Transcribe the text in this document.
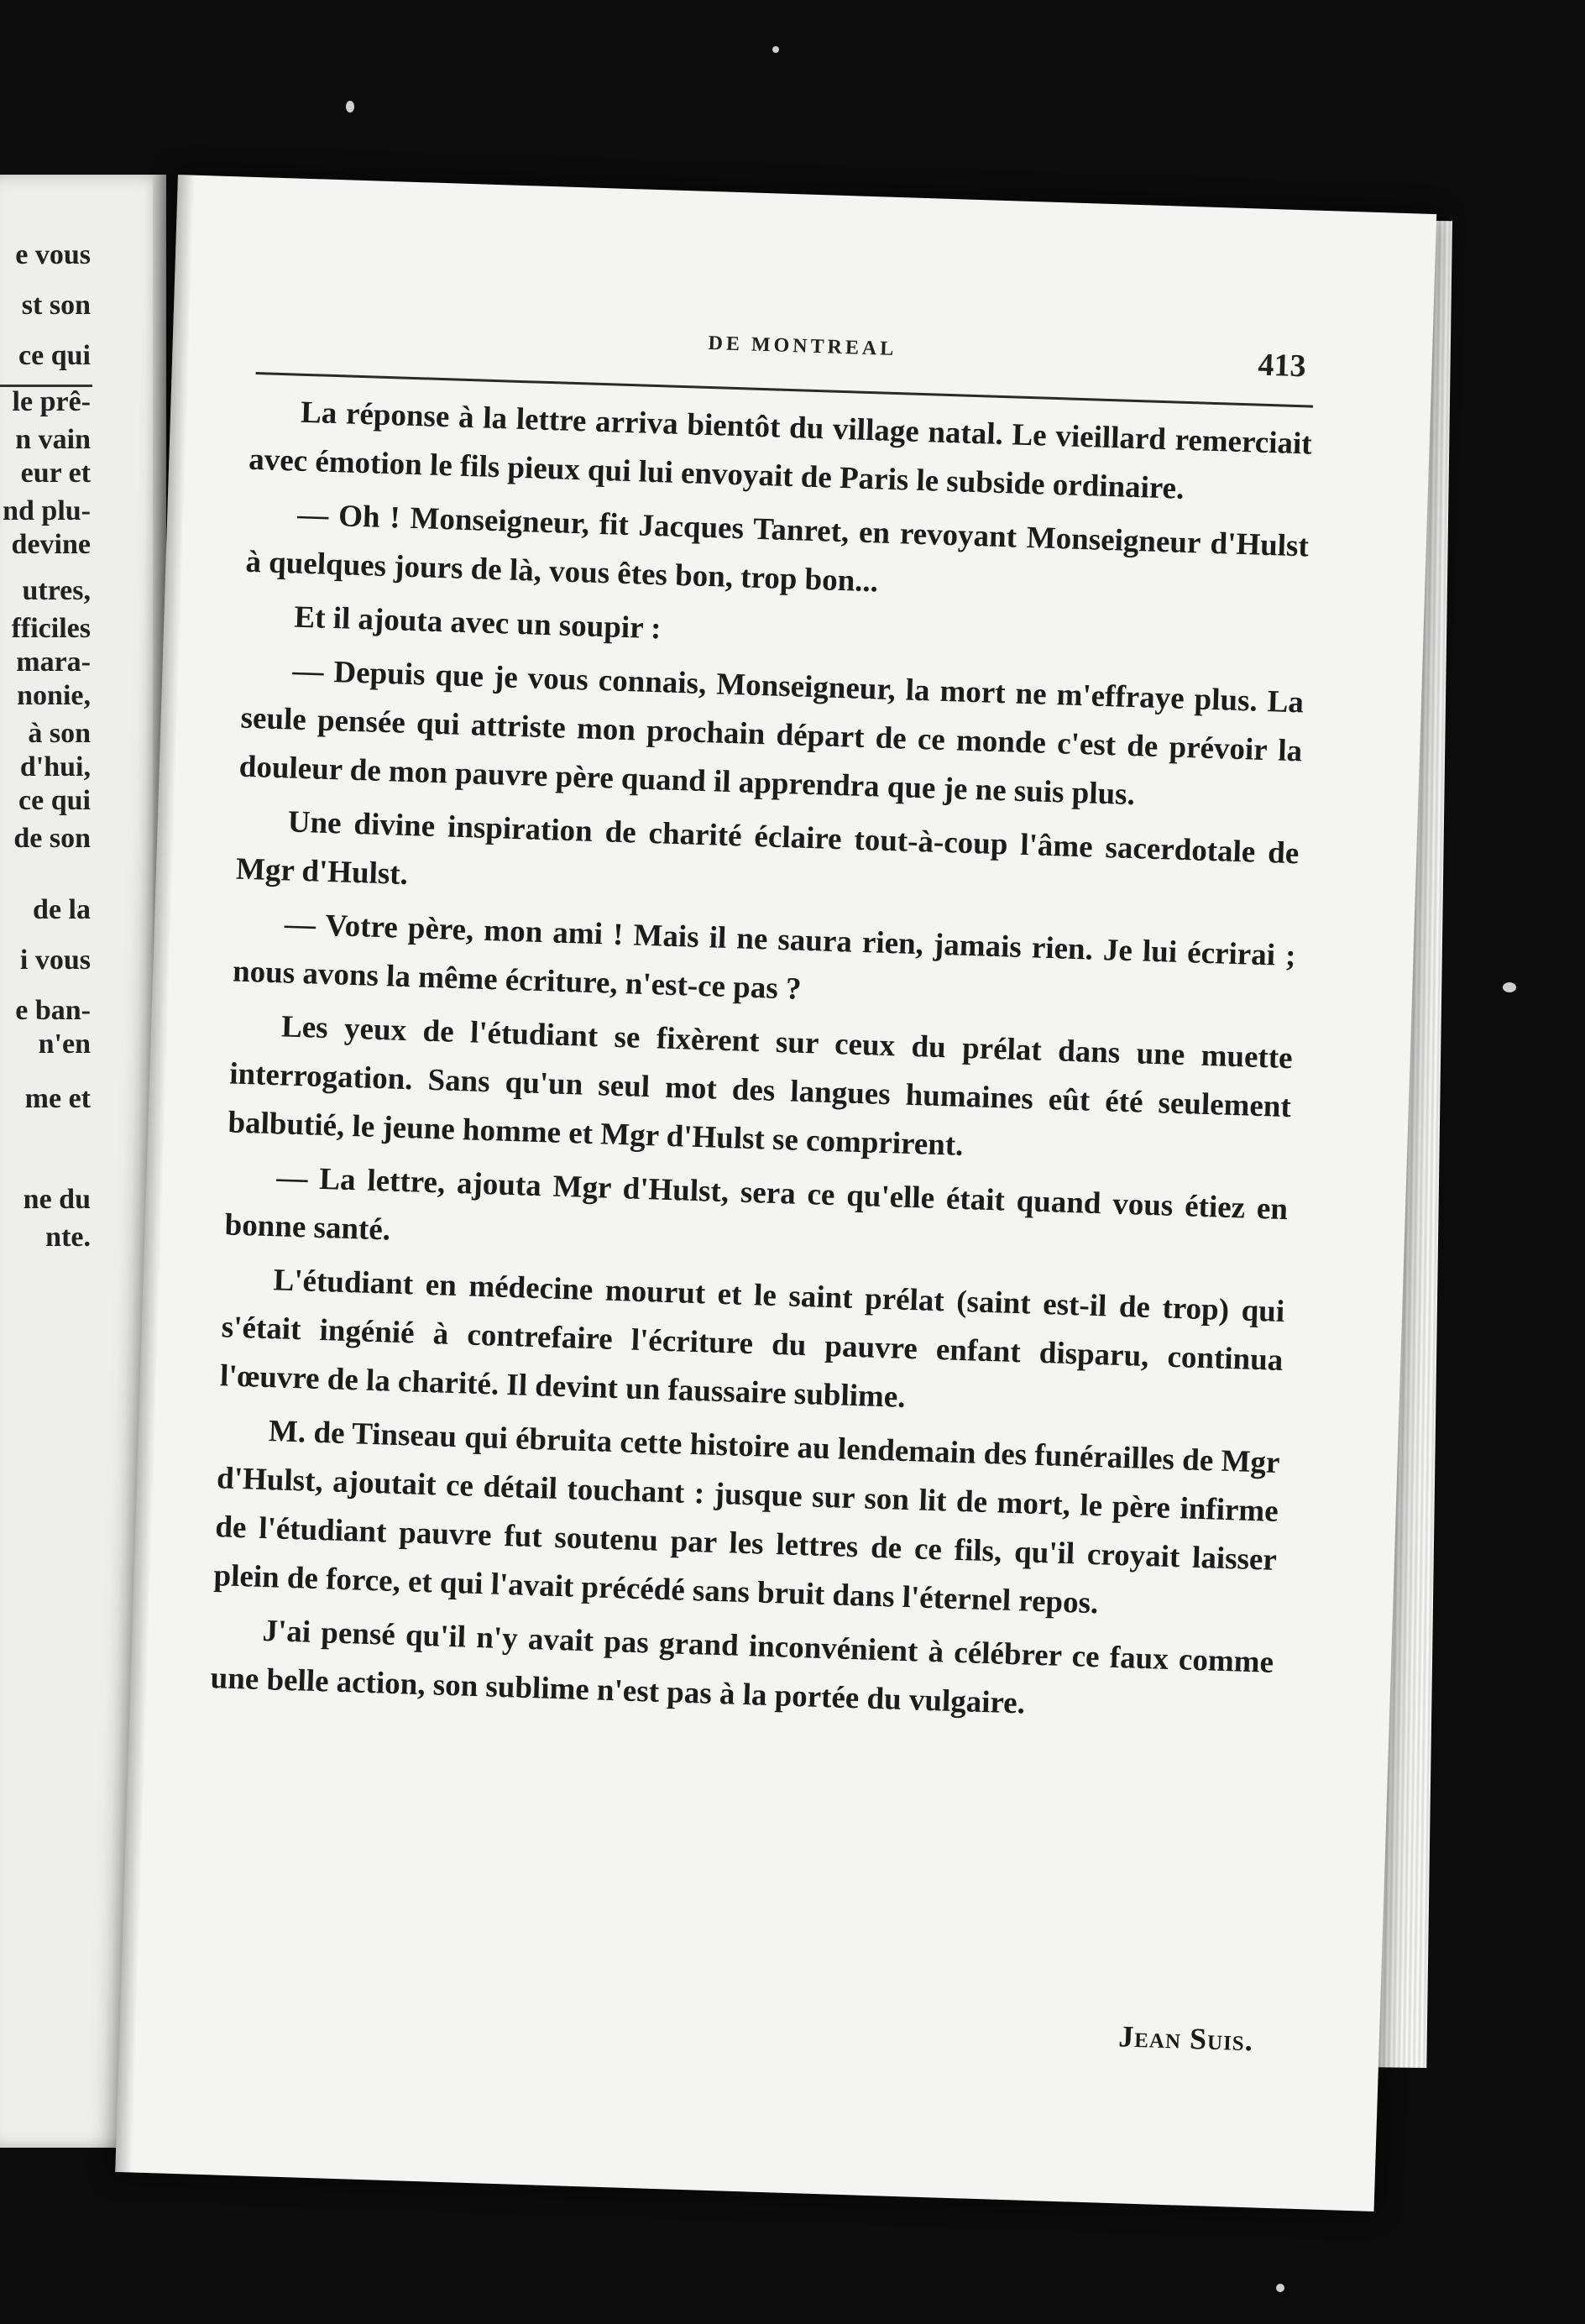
e vous

st son

ce qui

le prê-

n vain

eur et

nd plu-

devine

utres,

fficiles

mara-

nonie,

à son

d'hui,

ce qui

de son

de la

i vous

e ban-

n'en

me et

ne du

nte.

DE MONTREAL
413

La réponse à la lettre arriva bientôt du village natal. Le vieillard remerciait avec émotion le fils pieux qui lui envoyait de Paris le subside ordinaire.

— Oh ! Monseigneur, fit Jacques Tanret, en revoyant Monseigneur d'Hulst à quelques jours de là, vous êtes bon, trop bon...

Et il ajouta avec un soupir :

— Depuis que je vous connais, Monseigneur, la mort ne m'effraye plus. La seule pensée qui attriste mon prochain départ de ce monde c'est de prévoir la douleur de mon pauvre père quand il apprendra que je ne suis plus.

Une divine inspiration de charité éclaire tout-à-coup l'âme sacerdotale de Mgr d'Hulst.

— Votre père, mon ami ! Mais il ne saura rien, jamais rien. Je lui écrirai ; nous avons la même écriture, n'est-ce pas ?

Les yeux de l'étudiant se fixèrent sur ceux du prélat dans une muette interrogation. Sans qu'un seul mot des langues humaines eût été seulement balbutié, le jeune homme et Mgr d'Hulst se comprirent.

— La lettre, ajouta Mgr d'Hulst, sera ce qu'elle était quand vous étiez en bonne santé.

L'étudiant en médecine mourut et le saint prélat (saint est-il de trop) qui s'était ingénié à contrefaire l'écriture du pauvre enfant disparu, continua l'œuvre de la charité. Il devint un faussaire sublime.

M. de Tinseau qui ébruita cette histoire au lendemain des funérailles de Mgr d'Hulst, ajoutait ce détail touchant : jusque sur son lit de mort, le père infirme de l'étudiant pauvre fut soutenu par les lettres de ce fils, qu'il croyait laisser plein de force, et qui l'avait précédé sans bruit dans l'éternel repos.

J'ai pensé qu'il n'y avait pas grand inconvénient à célébrer ce faux comme une belle action, son sublime n'est pas à la portée du vulgaire.

Jean Suis.
